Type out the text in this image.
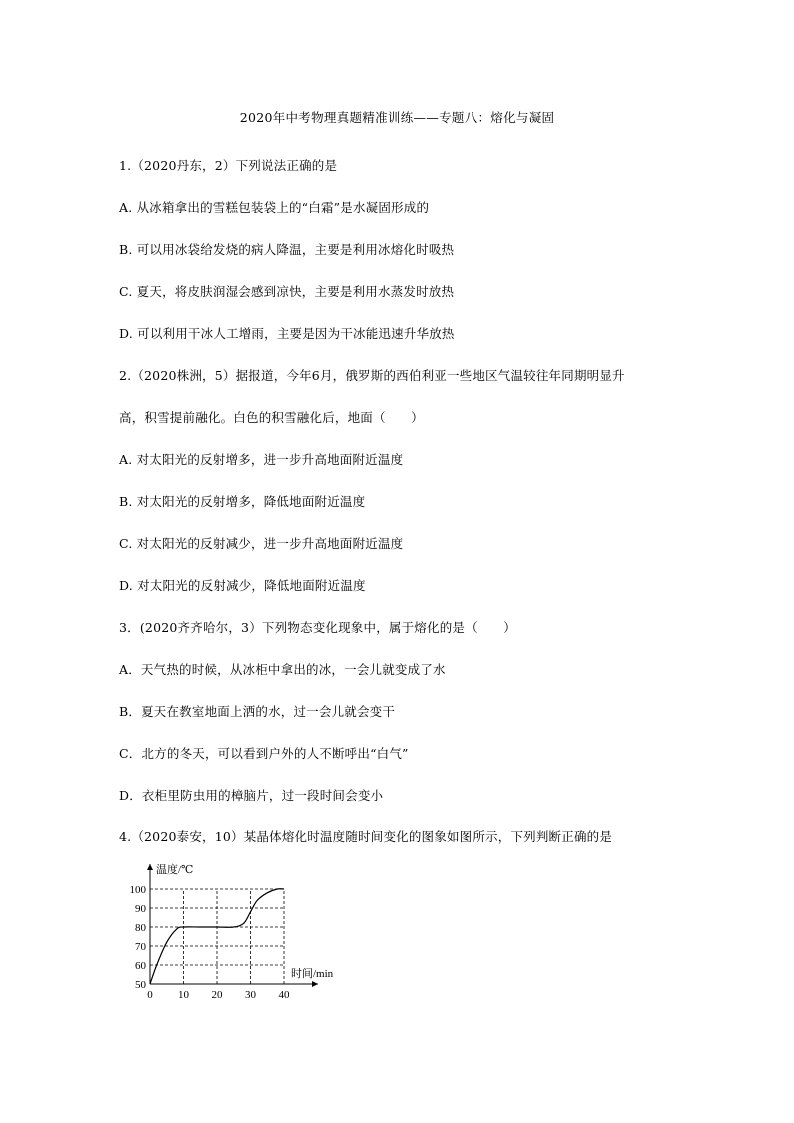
2020年中考物理真题精准训练——专题八：熔化与凝固
1.（2020丹东，2）下列说法正确的是
A. 从冰箱拿出的雪糕包装袋上的“白霜”是水凝固形成的
B. 可以用冰袋给发烧的病人降温，主要是利用冰熔化时吸热
C. 夏天，将皮肤润湿会感到凉快，主要是利用水蒸发时放热
D. 可以利用干冰人工增雨，主要是因为干冰能迅速升华放热
2.（2020株洲，5）据报道，今年6月，俄罗斯的西伯利亚一些地区气温较往年同期明显升
高，积雪提前融化。白色的积雪融化后，地面（　　）
A. 对太阳光的反射增多，进一步升高地面附近温度
B. 对太阳光的反射增多，降低地面附近温度
C. 对太阳光的反射减少，进一步升高地面附近温度
D. 对太阳光的反射减少，降低地面附近温度
3．(2020齐齐哈尔，3）下列物态变化现象中，属于熔化的是（　　）
A．天气热的时候，从冰柜中拿出的冰，一会儿就变成了水
B．夏天在教室地面上洒的水，过一会儿就会变干
C．北方的冬天，可以看到户外的人不断呼出“白气”
D．衣柜里防虫用的樟脑片，过一段时间会变小
4.（2020泰安，10）某晶体熔化时温度随时间变化的图象如图所示，下列判断正确的是
0 10 20 30 40
50
60
70
80
90
100
温度/℃
时间/min
